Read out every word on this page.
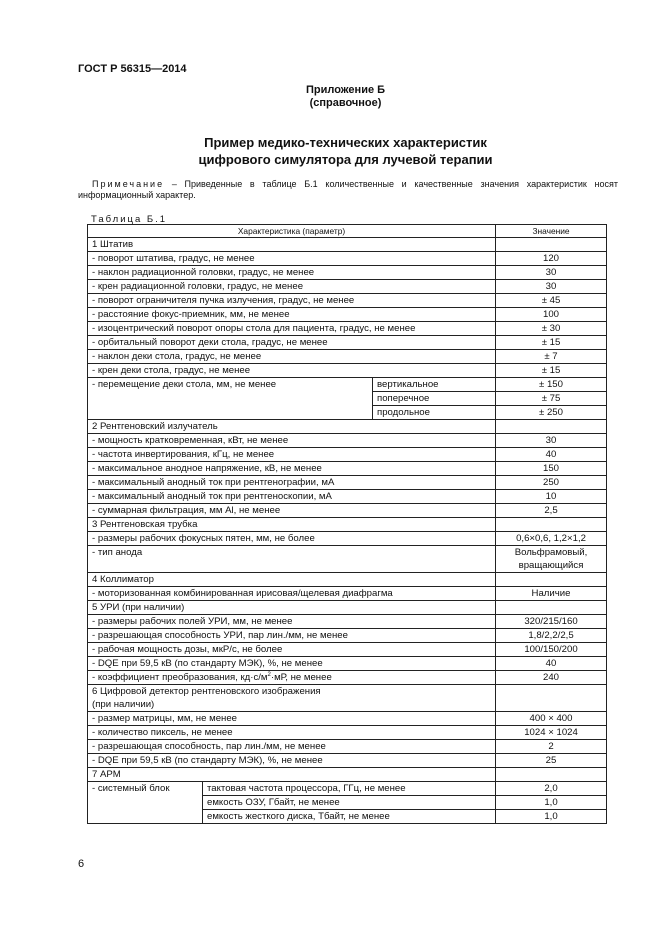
ГОСТ Р 56315—2014
Приложение Б
(справочное)
Пример медико-технических характеристик
цифрового симулятора для лучевой терапии
Примечание – Приведенные в таблице Б.1 количественные и качественные значения характеристик носят информационный характер.
Таблица Б.1
Характеристика (параметр)			Значение
1 Штатив			
- поворот штатива, градус, не менее			120
- наклон радиационной головки, градус, не менее			30
- крен радиационной головки, градус, не менее			30
- поворот ограничителя пучка излучения, градус, не менее			± 45
- расстояние фокус-приемник, мм, не менее			100
- изоцентрический поворот опоры стола для пациента, градус, не менее			± 30
- орбитальный поворот деки стола, градус, не менее			± 15
- наклон деки стола, градус, не менее			± 7
- крен деки стола, градус, не менее			± 15
- перемещение деки стола, мм, не менее		вертикальное	± 150
		поперечное	± 75
		продольное	± 250
2 Рентгеновский излучатель			
- мощность кратковременная, кВт, не менее			30
- частота инвертирования, кГц, не менее			40
- максимальное анодное напряжение, кВ, не менее			150
- максимальный анодный ток при рентгенографии, мА			250
- максимальный анодный ток при рентгеноскопии, мА			10
- суммарная фильтрация, мм Al, не менее			2,5
3 Рентгеновская трубка			
- размеры рабочих фокусных пятен, мм, не более			0,6×0,6, 1,2×1,2
- тип анода			Вольфрамовый, вращающийся
4 Коллиматор			
- моторизованная комбинированная ирисовая/щелевая диафрагма			Наличие
5 УРИ (при наличии)			
- размеры рабочих полей УРИ, мм, не менее			320/215/160
- разрешающая способность УРИ, пар лин./мм, не менее			1,8/2,2/2,5
- рабочая мощность дозы, мкР/с, не более			100/150/200
- DQE при 59,5 кВ (по стандарту МЭК), %, не менее			40
- коэффициент преобразования, $кд\cdot с/м^2\cdot мР$, не менее			240

6 Цифровой детектор рентгеновского изображения
(при наличии)			

- размер матрицы, мм, не менее			400 × 400
- количество пиксель, не менее			1024 × 1024
- разрешающая способность, пар лин./мм, не менее			2
- DQE при 59,5 кВ (по стандарту МЭК), %, не менее			25
7 АРМ			
- системный блок	тактовая частота процессора, ГГц, не менее		2,0
	емкость ОЗУ, Гбайт, не менее		1,0
	емкость жесткого диска, Тбайт, не менее		1,0
6
